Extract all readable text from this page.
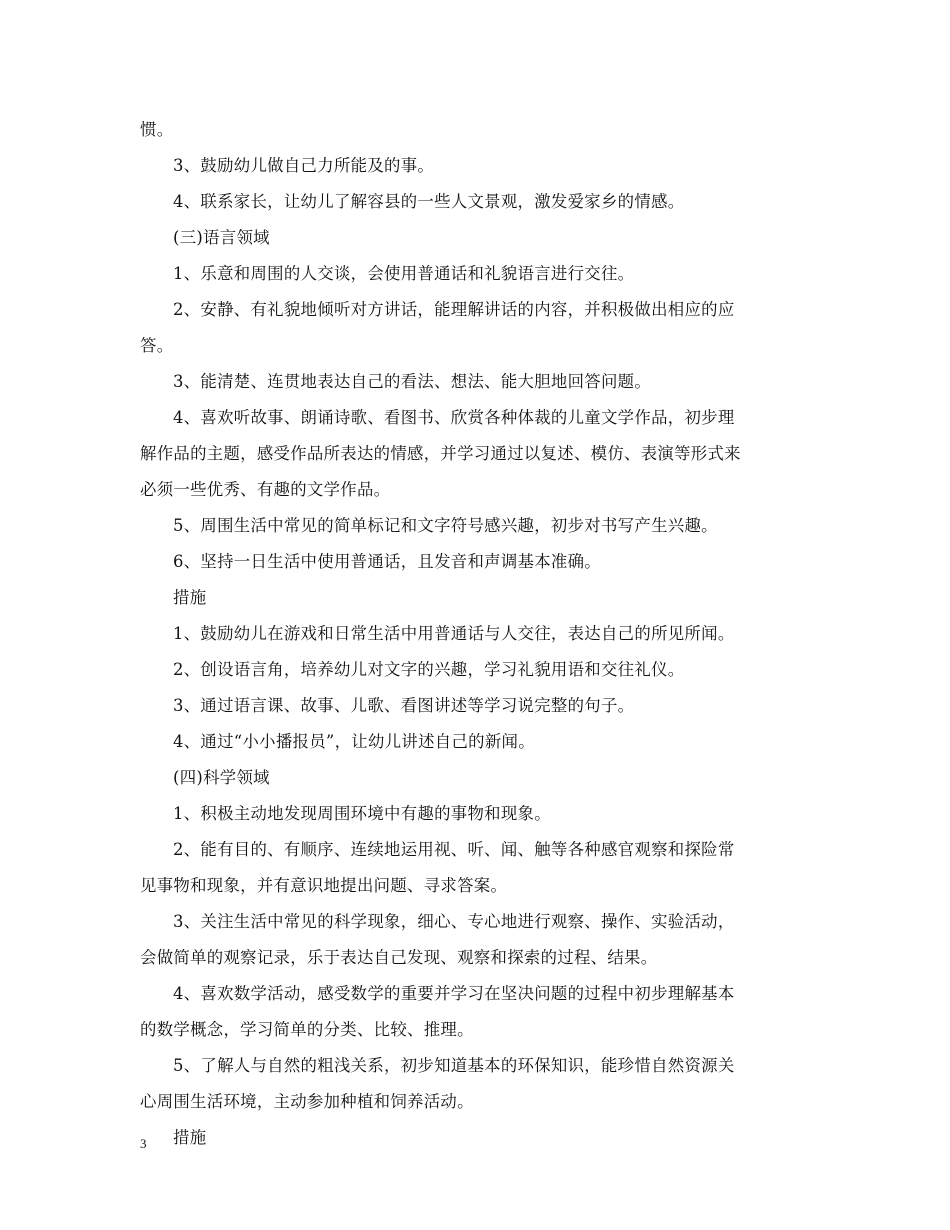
惯。
3、鼓励幼儿做自己力所能及的事。
4、联系家长，让幼儿了解容县的一些人文景观，激发爱家乡的情感。
(三)语言领域
1、乐意和周围的人交谈，会使用普通话和礼貌语言进行交往。
2、安静、有礼貌地倾听对方讲话，能理解讲话的内容，并积极做出相应的应
答。
3、能清楚、连贯地表达自己的看法、想法、能大胆地回答问题。
4、喜欢听故事、朗诵诗歌、看图书、欣赏各种体裁的儿童文学作品，初步理
解作品的主题，感受作品所表达的情感，并学习通过以复述、模仿、表演等形式来
必须一些优秀、有趣的文学作品。
5、周围生活中常见的简单标记和文字符号感兴趣，初步对书写产生兴趣。
6、坚持一日生活中使用普通话，且发音和声调基本准确。
措施
1、鼓励幼儿在游戏和日常生活中用普通话与人交往，表达自己的所见所闻。
2、创设语言角，培养幼儿对文字的兴趣，学习礼貌用语和交往礼仪。
3、通过语言课、故事、儿歌、看图讲述等学习说完整的句子。
4、通过“小小播报员”，让幼儿讲述自己的新闻。
(四)科学领域
1、积极主动地发现周围环境中有趣的事物和现象。
2、能有目的、有顺序、连续地运用视、听、闻、触等各种感官观察和探险常
见事物和现象，并有意识地提出问题、寻求答案。
3、关注生活中常见的科学现象，细心、专心地进行观察、操作、实验活动，
会做简单的观察记录，乐于表达自己发现、观察和探索的过程、结果。
4、喜欢数学活动，感受数学的重要并学习在坚决问题的过程中初步理解基本
的数学概念，学习简单的分类、比较、推理。
5、了解人与自然的粗浅关系，初步知道基本的环保知识，能珍惜自然资源关
心周围生活环境，主动参加种植和饲养活动。
措施
3
